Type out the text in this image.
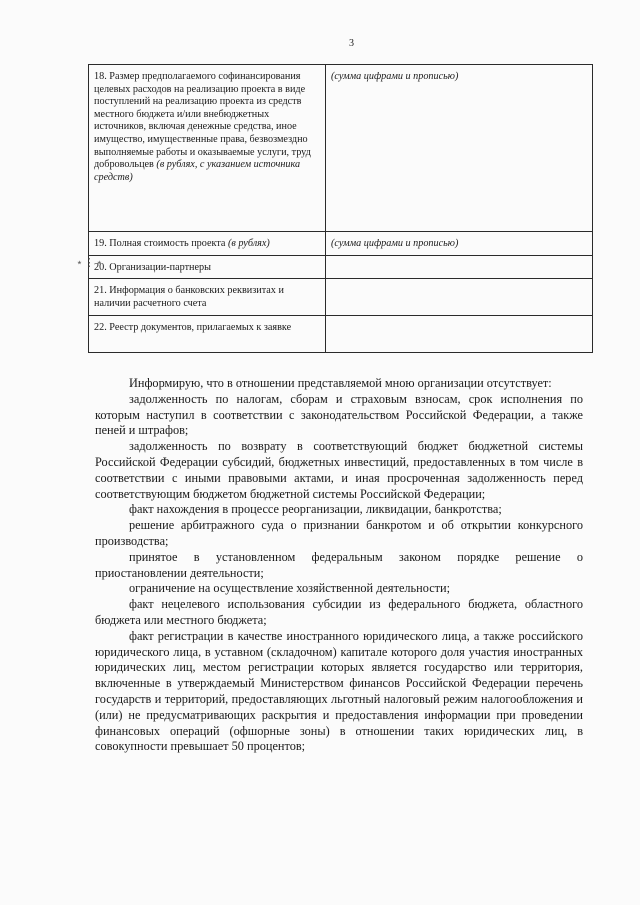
3
18. Размер предполагаемого софинансирования целевых расходов на реализацию проекта в виде поступлений на реализацию проекта из средств местного бюджета и/или внебюджетных источников, включая денежные средства, иное имущество, имущественные права, безвозмездно выполняемые работы и оказываемые услуги, труд добровольцев (в рублях, с указанием источника средств)	(сумма цифрами и прописью)
19. Полная стоимость проекта (в рублях)	(сумма цифрами и прописью)
20. Организации-партнеры	
21. Информация о банковских реквизитах и наличии расчетного счета	
22. Реестр документов, прилагаемых к заявке	
⋆⋮⋆

Информирую, что в отношении представляемой мною организации отсутствует:

задолженность по налогам, сборам и страховым взносам, срок исполнения по которым наступил в соответствии с законодательством Российской Федерации, а также пеней и штрафов;

задолженность по возврату в соответствующий бюджет бюджетной системы Российской Федерации субсидий, бюджетных инвестиций, предоставленных в том числе в соответствии с иными правовыми актами, и иная просроченная задолженность перед соответствующим бюджетом бюджетной системы Российской Федерации;

факт нахождения в процессе реорганизации, ликвидации, банкротства;

решение арбитражного суда о признании банкротом и об открытии конкурсного производства;

принятое в установленном федеральным законом порядке решение о приостановлении деятельности;

ограничение на осуществление хозяйственной деятельности;

факт нецелевого использования субсидии из федерального бюджета, областного бюджета или местного бюджета;

факт регистрации в качестве иностранного юридического лица, а также российского юридического лица, в уставном (складочном) капитале которого доля участия иностранных юридических лиц, местом регистрации которых является государство или территория, включенные в утверждаемый Министерством финансов Российской Федерации перечень государств и территорий, предоставляющих льготный налоговый режим налогообложения и (или) не предусматривающих раскрытия и предоставления информации при проведении финансовых операций (офшорные зоны) в отношении таких юридических лиц, в совокупности превышает 50 процентов;
